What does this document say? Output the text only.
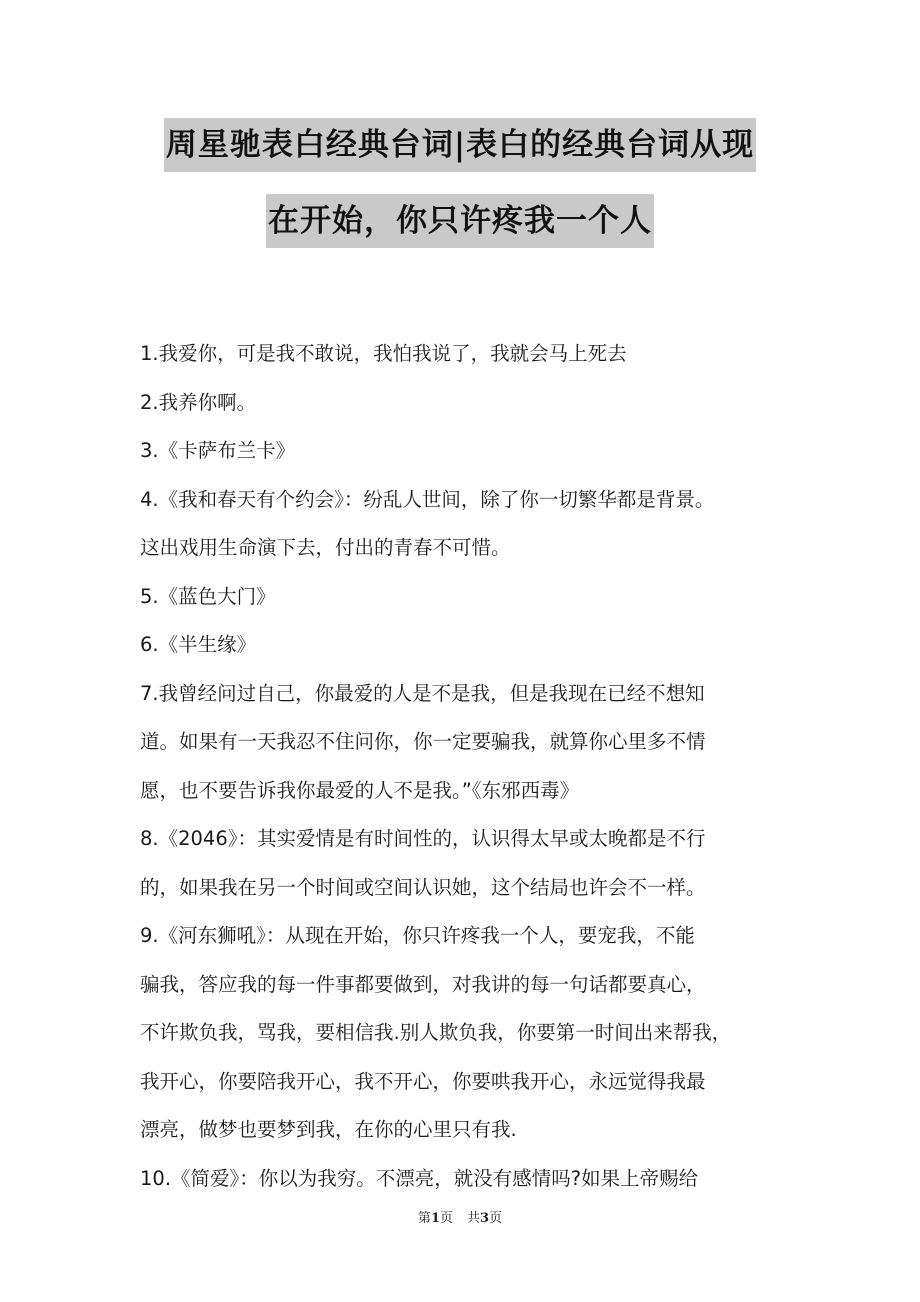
周星驰表白经典台词|表白的经典台词从现
在开始，你只许疼我一个人
1.我爱你，可是我不敢说，我怕我说了，我就会马上死去
2.我养你啊。
3.《卡萨布兰卡》
4.《我和春天有个约会》：纷乱人世间，除了你一切繁华都是背景。
这出戏用生命演下去，付出的青春不可惜。
5.《蓝色大门》
6.《半生缘》
7.我曾经问过自己，你最爱的人是不是我，但是我现在已经不想知
道。如果有一天我忍不住问你，你一定要骗我，就算你心里多不情
愿，也不要告诉我你最爱的人不是我。”《东邪西毒》
8.《2046》：其实爱情是有时间性的，认识得太早或太晚都是不行
的，如果我在另一个时间或空间认识她，这个结局也许会不一样。
9.《河东狮吼》：从现在开始，你只许疼我一个人，要宠我，不能
骗我，答应我的每一件事都要做到，对我讲的每一句话都要真心，
不许欺负我，骂我，要相信我.别人欺负我，你要第一时间出来帮我，
我开心，你要陪我开心，我不开心，你要哄我开心，永远觉得我最
漂亮，做梦也要梦到我，在你的心里只有我.
10.《简爱》：你以为我穷。不漂亮，就没有感情吗?如果上帝赐给
第1页 共3页
